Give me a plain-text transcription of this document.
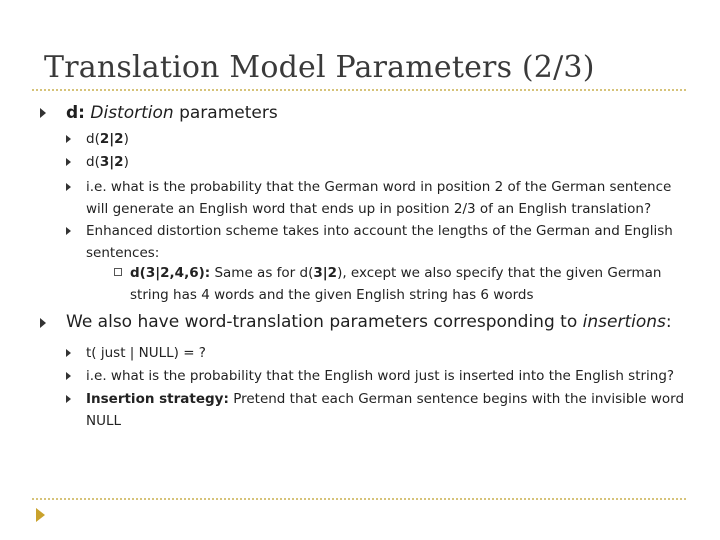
Translation Model Parameters (2/3)
d: Distortion parameters
d(2|2)
d(3|2)
i.e. what is the probability that the German word in position 2 of the German sentence will generate an English word that ends up in position 2/3 of an English translation?
Enhanced distortion scheme takes into account the lengths of the German and English sentences:
d(3|2,4,6): Same as for d(3|2), except we also specify that the given German string has 4 words and the given English string has 6 words
We also have word-translation parameters corresponding to insertions:
t( just | NULL) = ?
i.e. what is the probability that the English word just is inserted into the English string?
Insertion strategy: Pretend that each German sentence begins with the invisible word NULL
